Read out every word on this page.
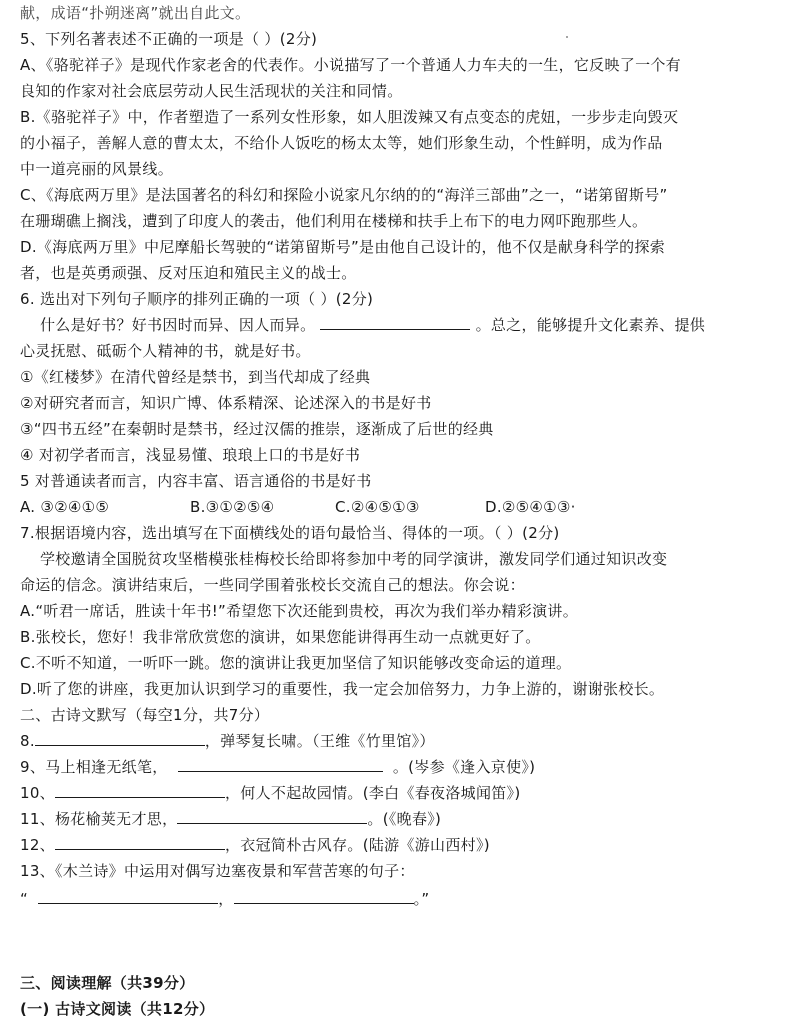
献，成语“扑朔迷离”就出自此文。
5、下列名著表述不正确的一项是（ ）(2分)
A、《骆驼祥子》是现代作家老舍的代表作。小说描写了一个普通人力车夫的一生，它反映了一个有
良知的作家对社会底层劳动人民生活现状的关注和同情。
B.《骆驼祥子》中，作者塑造了一系列女性形象，如人胆泼辣又有点变态的虎妞，一步步走向毁灭
的小福子，善解人意的曹太太，不给仆人饭吃的杨太太等，她们形象生动，个性鲜明，成为作品
中一道亮丽的风景线。
C、《海底两万里》是法国著名的科幻和探险小说家凡尔纳的的“海洋三部曲”之一，“诺第留斯号”
在珊瑚礁上搁浅，遭到了印度人的袭击，他们利用在楼梯和扶手上布下的电力网吓跑那些人。
D.《海底两万里》中尼摩船长驾驶的“诺第留斯号”是由他自己设计的，他不仅是献身科学的探索
者，也是英勇顽强、反对压迫和殖民主义的战士。
6. 选出对下列句子顺序的排列正确的一项（ ）(2分)
什么是好书？好书因时而异、因人而异。	。总之，能够提升文化素养、提供
心灵抚慰、砥砺个人精神的书，就是好书。
①《红楼梦》在清代曾经是禁书，到当代却成了经典
②对研究者而言，知识广博、体系精深、论述深入的书是好书
③“四书五经”在秦朝时是禁书，经过汉儒的推崇，逐渐成了后世的经典
④ 对初学者而言，浅显易懂、琅琅上口的书是好书
5 对普通读者而言，内容丰富、语言通俗的书是好书
A. ③②④①⑤	B.③①②⑤④	C.②④⑤①③	D.②⑤④①③·
7.根据语境内容，选出填写在下面横线处的语句最恰当、得体的一项。（ ）(2分)
学校邀请全国脱贫攻坚楷模张桂梅校长给即将参加中考的同学演讲，激发同学们通过知识改变
命运的信念。演讲结束后，一些同学围着张校长交流自己的想法。你会说：
A.“听君一席话，胜读十年书!”希望您下次还能到贵校，再次为我们举办精彩演讲。
B.张校长，您好！我非常欣赏您的演讲，如果您能讲得再生动一点就更好了。
C.不听不知道，一听吓一跳。您的演讲让我更加坚信了知识能够改变命运的道理。
D.听了您的讲座，我更加认识到学习的重要性，我一定会加倍努力，力争上游的，谢谢张校长。
二、古诗文默写（每空1分，共7分）
8.	，弹琴复长啸。（王维《竹里馆》）
9、马上相逢无纸笔，	。(岑参《逢入京使》)
10、	，何人不起故园情。(李白《春夜洛城闻笛》)
11、杨花榆荚无才思，	。(《晚春》)
12、	，衣冠简朴古风存。(陆游《游山西村》)
13、《木兰诗》中运用对偶写边塞夜景和军营苦寒的句子：
“	，	。”
三、阅读理解（共39分）
(一) 古诗文阅读（共12分）
